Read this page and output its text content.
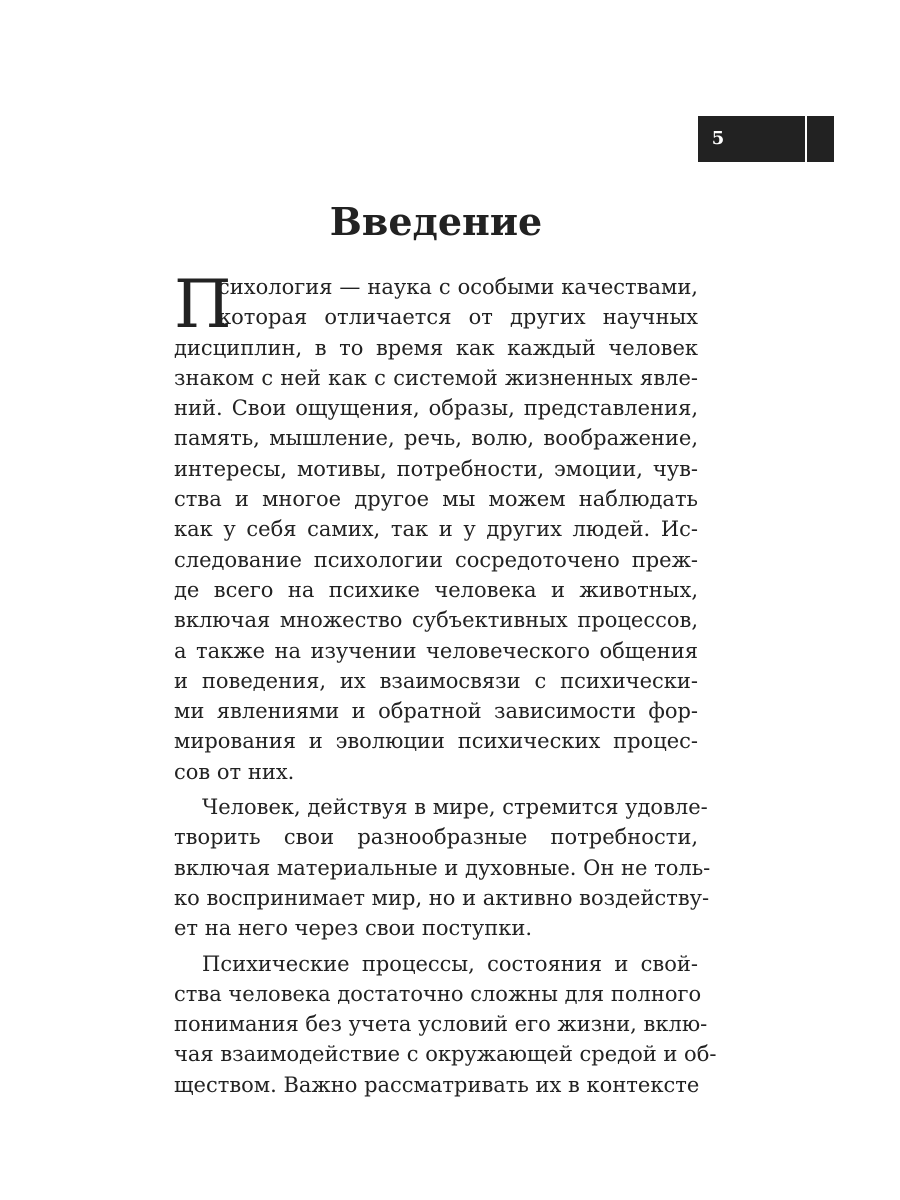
5
Введение
П
сихология — наука с особыми качествами,
которая отличается от других научных
дисциплин, в то время как каждый человек
знаком с ней как с системой жизненных явле-
ний. Свои ощущения, образы, представления,
память, мышление, речь, волю, воображение,
интересы, мотивы, потребности, эмоции, чув-
ства и многое другое мы можем наблюдать
как у себя самих, так и у других людей. Ис-
следование психологии сосредоточено преж-
де всего на психике человека и животных,
включая множество субъективных процессов,
а также на изучении человеческого общения
и поведения, их взаимосвязи с психически-
ми явлениями и обратной зависимости фор-
мирования и эволюции психических процес-
сов от них.
Человек, действуя в мире, стремится удовле-
творить свои разнообразные потребности,
включая материальные и духовные. Он не толь-
ко воспринимает мир, но и активно воздейству-
ет на него через свои поступки.
Психические процессы, состояния и свой-
ства человека достаточно сложны для полного
понимания без учета условий его жизни, вклю-
чая взаимодействие с окружающей средой и об-
ществом. Важно рассматривать их в контексте
